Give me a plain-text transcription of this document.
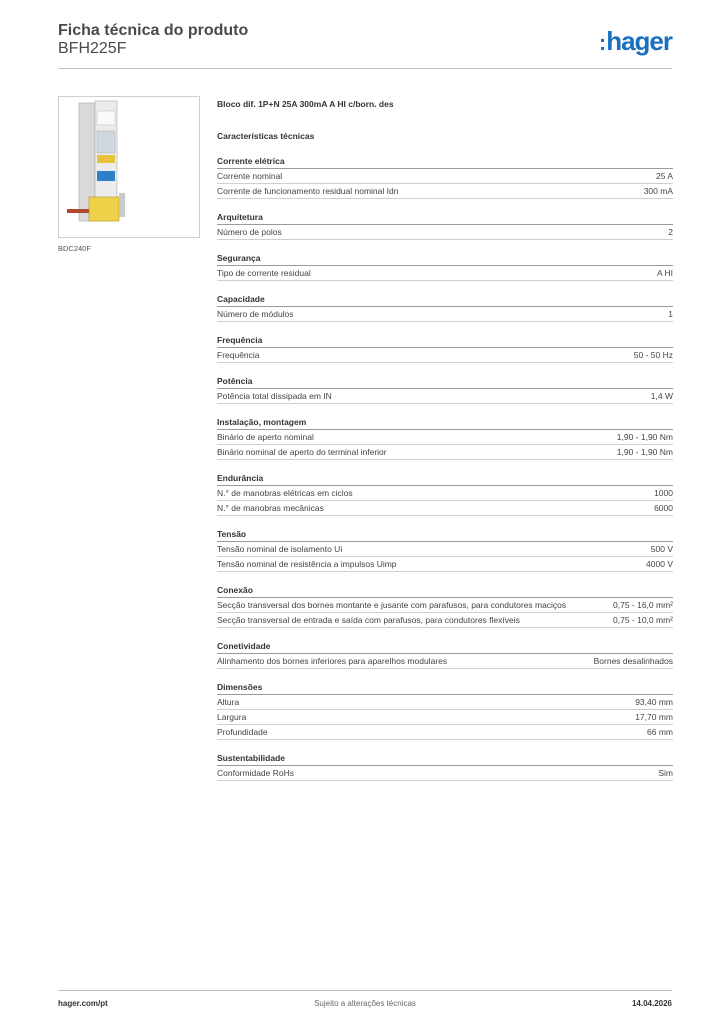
Ficha técnica do produto
BFH225F	:hager
BDC240F
Bloco dif. 1P+N 25A 300mA A HI c/born. des
Características técnicas
Corrente elétrica
Corrente nominal	25 A
Corrente de funcionamento residual nominal Idn	300 mA
Arquitetura
Número de polos	2
Segurança
Tipo de corrente residual	A HI
Capacidade
Número de módulos	1
Frequência
Frequência	50 - 50 Hz
Potência
Potência total dissipada em IN	1,4 W
Instalação, montagem
Binário de aperto nominal	1,90 - 1,90 Nm
Binário nominal de aperto do terminal inferior	1,90 - 1,90 Nm
Endurância
N.° de manobras elétricas em ciclos	1000
N.° de manobras mecânicas	6000
Tensão
Tensão nominal de isolamento Ui	500 V
Tensão nominal de resistência a impulsos Uimp	4000 V
Conexão
Secção transversal dos bornes montante e jusante com parafusos, para condutores maciços	0,75 - 16,0 mm²
Secção transversal de entrada e saída com parafusos, para condutores flexíveis	0,75 - 10,0 mm²
Conetividade
Alinhamento dos bornes inferiores para aparelhos modulares	Bornes desalinhados
Dimensões
Altura	93,40 mm
Largura	17,70 mm
Profundidade	66 mm
Sustentabilidade
Conformidade RoHs	Sim
hager.com/pt	Sujeito a alterações técnicas	14.04.2026
